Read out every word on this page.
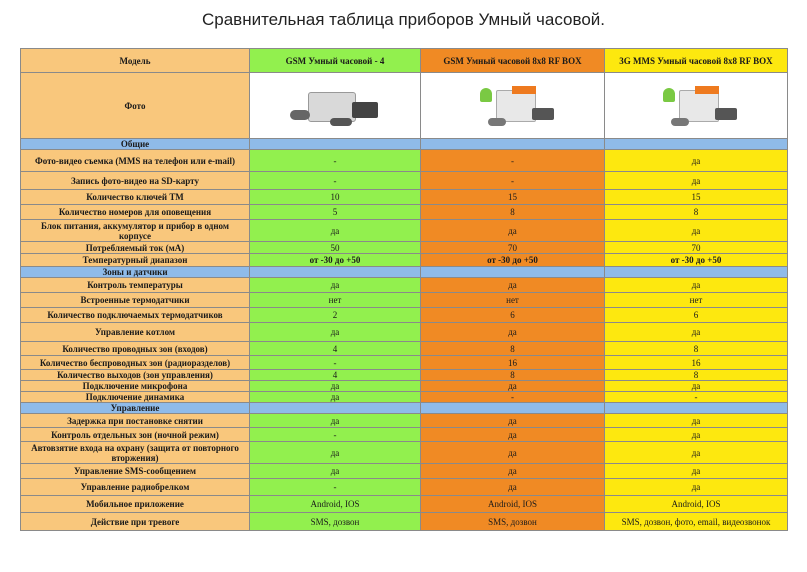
Сравнительная таблица приборов Умный часовой.
Модель	GSM Умный часовой - 4	GSM Умный часовой 8x8 RF BOX	3G MMS Умный часовой 8x8 RF BOX
Фото	

Общие			
Фото-видео съемка (MMS на телефон или e-mail)	-	-	да
Запись фото-видео на SD-карту	-	-	да
Количество ключей ТМ	10	15	15
Количество номеров для оповещения	5	8	8
Блок питания, аккумулятор и прибор в одном корпусе	да	да	да
Потребляемый ток (мА)	50	70	70
Температурный диапазон	от -30 до +50	от -30 до +50	от -30 до +50
Зоны и датчики			
Контроль температуры	да	да	да
Встроенные термодатчики	нет	нет	нет
Количество подключаемых термодатчиков	2	6	6
Управление котлом	да	да	да
Количество проводных зон (входов)	4	8	8
Количество беспроводных зон (радиоразделов)	-	16	16
Количество выходов (зон управления)	4	8	8
Подключение микрофона	да	да	да
Подключение динамика	да	-	-
Управление			
Задержка при постановке снятии	да	да	да
Контроль отдельных зон (ночной режим)	-	да	да
Автовзятие входа на охрану (защита от повторного вторжения)	да	да	да
Управление SMS-сообщением	да	да	да
Управление радиобрелком	-	да	да
Мобильное приложение	Android, IOS	Android, IOS	Android, IOS
Действие при тревоге	SMS, дозвон	SMS, дозвон	SMS, дозвон, фото, email, видеозвонок
